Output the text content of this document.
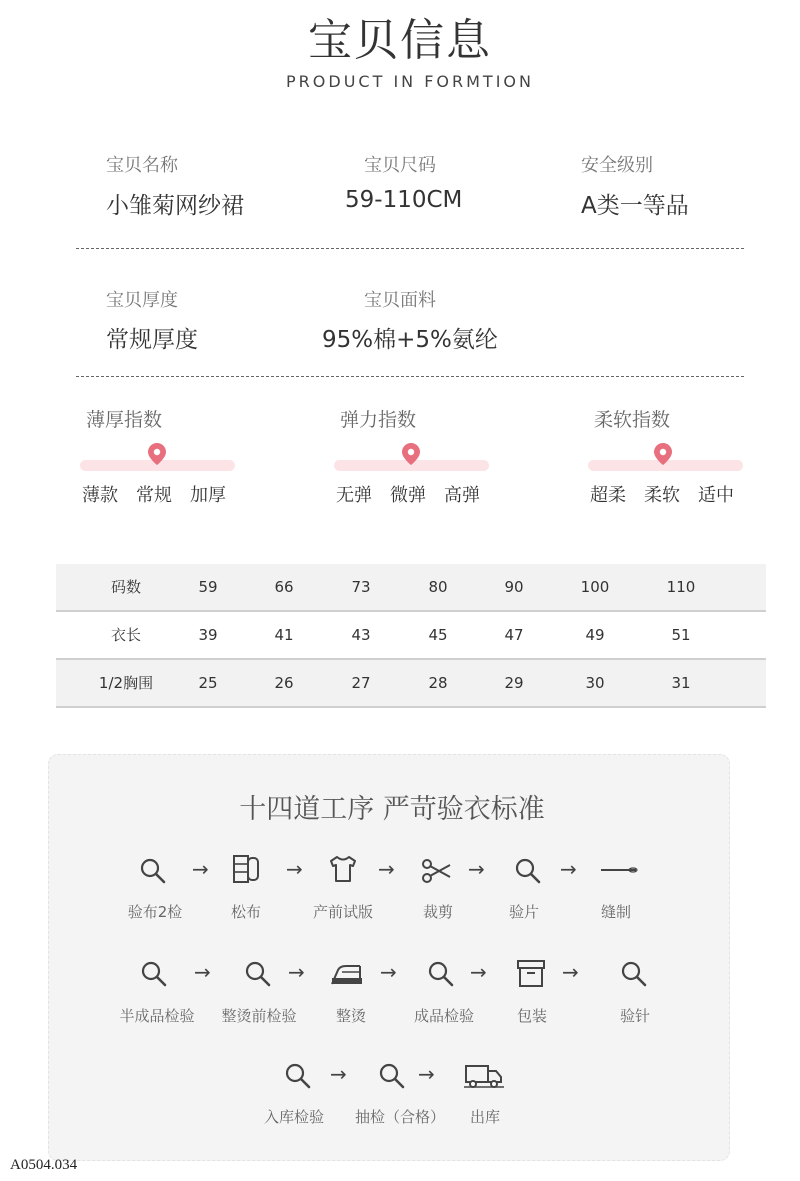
宝贝信息
PRODUCT IN FORMTION
宝贝名称
小雏菊网纱裙
宝贝尺码
59-110CM
安全级别
A类一等品
宝贝厚度
常规厚度
宝贝面料
95%棉+5%氨纶
薄厚指数
薄款 常规 加厚
弹力指数
无弹 微弹 高弹
柔软指数
超柔 柔软 适中
码数	59	66	73	80	90	100	110
衣长	39	41	43	45	47	49	51
1/2胸围	25	26	27	28	29	30	31
十四道工序 严苛验衣标准
→	→	→	→	→
验布2检	松布	产前试版	裁剪	验片	缝制
→	→	→	→	→
半成品检验	整烫前检验	整烫	成品检验	包装	验针
→	→
入库检验	抽检（合格）	出库
A0504.034
